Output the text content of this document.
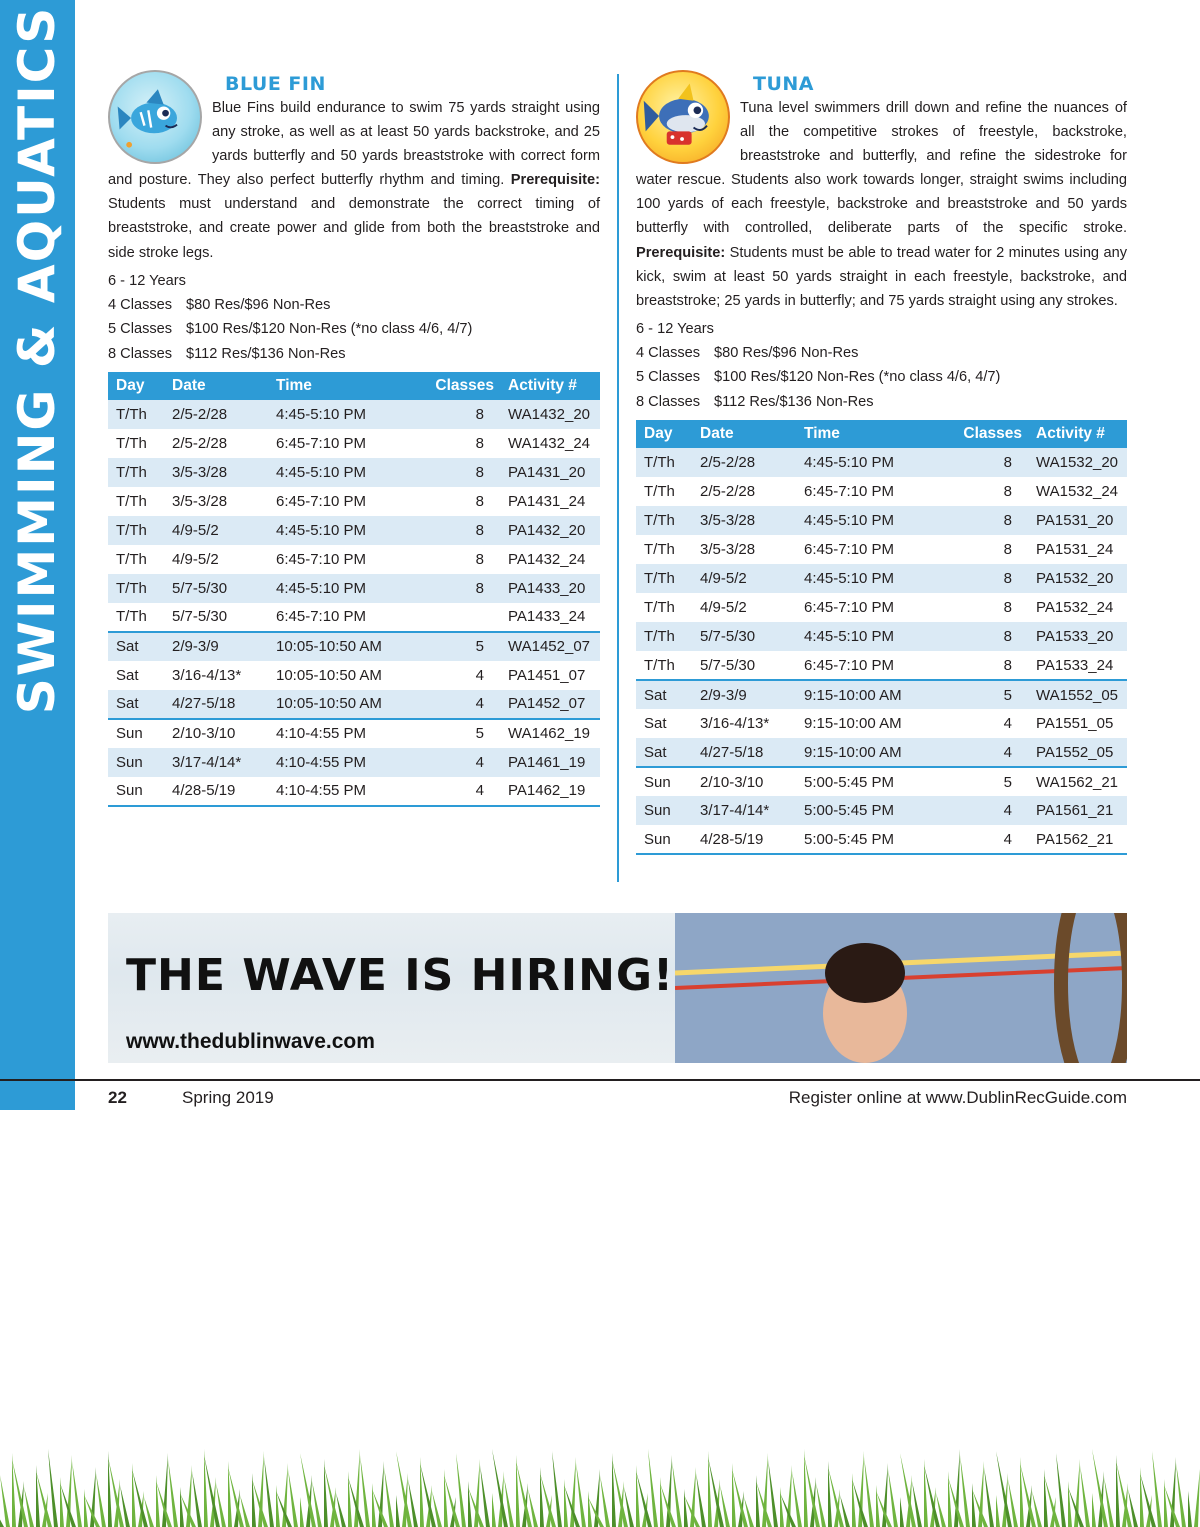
SWIMMING & AQUATICS	BLUE FIN
Blue Fins build endurance to swim 75 yards straight using any stroke, as well as at least 50 yards backstroke, and 25 yards butterfly and 50 yards breaststroke with correct form and posture. They also perfect butterfly rhythm and timing. Prerequisite: Students must understand and demonstrate the correct timing of breaststroke, and create power and glide from both the breaststroke and side stroke legs.
6 - 12 Years
4 Classes $80 Res/$96 Non-Res
5 Classes $100 Res/$120 Non-Res (*no class 4/6, 4/7)
8 Classes $112 Res/$136 Non-Res
Day	Date	Time	Classes	Activity #
T/Th	2/5-2/28	4:45-5:10 PM	8	WA1432_20
T/Th	2/5-2/28	6:45-7:10 PM	8	WA1432_24
T/Th	3/5-3/28	4:45-5:10 PM	8	PA1431_20
T/Th	3/5-3/28	6:45-7:10 PM	8	PA1431_24
T/Th	4/9-5/2	4:45-5:10 PM	8	PA1432_20
T/Th	4/9-5/2	6:45-7:10 PM	8	PA1432_24
T/Th	5/7-5/30	4:45-5:10 PM	8	PA1433_20
T/Th	5/7-5/30	6:45-7:10 PM		PA1433_24
Sat	2/9-3/9	10:05-10:50 AM	5	WA1452_07
Sat	3/16-4/13*	10:05-10:50 AM	4	PA1451_07
Sat	4/27-5/18	10:05-10:50 AM	4	PA1452_07
Sun	2/10-3/10	4:10-4:55 PM	5	WA1462_19
Sun	3/17-4/14*	4:10-4:55 PM	4	PA1461_19
Sun	4/28-5/19	4:10-4:55 PM	4	PA1462_19
TUNA
Tuna level swimmers drill down and refine the nuances of all the competitive strokes of freestyle, backstroke, breaststroke and butterfly, and refine the sidestroke for water rescue. Students also work towards longer, straight swims including 100 yards of each freestyle, backstroke and breaststroke and 50 yards butterfly with controlled, deliberate parts of the specific stroke. Prerequisite: Students must be able to tread water for 2 minutes using any kick, swim at least 50 yards straight in each freestyle, backstroke, and breaststroke; 25 yards in butterfly; and 75 yards straight using any strokes.
6 - 12 Years
4 Classes $80 Res/$96 Non-Res
5 Classes $100 Res/$120 Non-Res (*no class 4/6, 4/7)
8 Classes $112 Res/$136 Non-Res
Day	Date	Time	Classes	Activity #
T/Th	2/5-2/28	4:45-5:10 PM	8	WA1532_20
T/Th	2/5-2/28	6:45-7:10 PM	8	WA1532_24
T/Th	3/5-3/28	4:45-5:10 PM	8	PA1531_20
T/Th	3/5-3/28	6:45-7:10 PM	8	PA1531_24
T/Th	4/9-5/2	4:45-5:10 PM	8	PA1532_20
T/Th	4/9-5/2	6:45-7:10 PM	8	PA1532_24
T/Th	5/7-5/30	4:45-5:10 PM	8	PA1533_20
T/Th	5/7-5/30	6:45-7:10 PM	8	PA1533_24
Sat	2/9-3/9	9:15-10:00 AM	5	WA1552_05
Sat	3/16-4/13*	9:15-10:00 AM	4	PA1551_05
Sat	4/27-5/18	9:15-10:00 AM	4	PA1552_05
Sun	2/10-3/10	5:00-5:45 PM	5	WA1562_21
Sun	3/17-4/14*	5:00-5:45 PM	4	PA1561_21
Sun	4/28-5/19	5:00-5:45 PM	4	PA1562_21
THE WAVE IS HIRING!
www.thedublinwave.com
22	Spring 2019	Register online at www.DublinRecGuide.com
